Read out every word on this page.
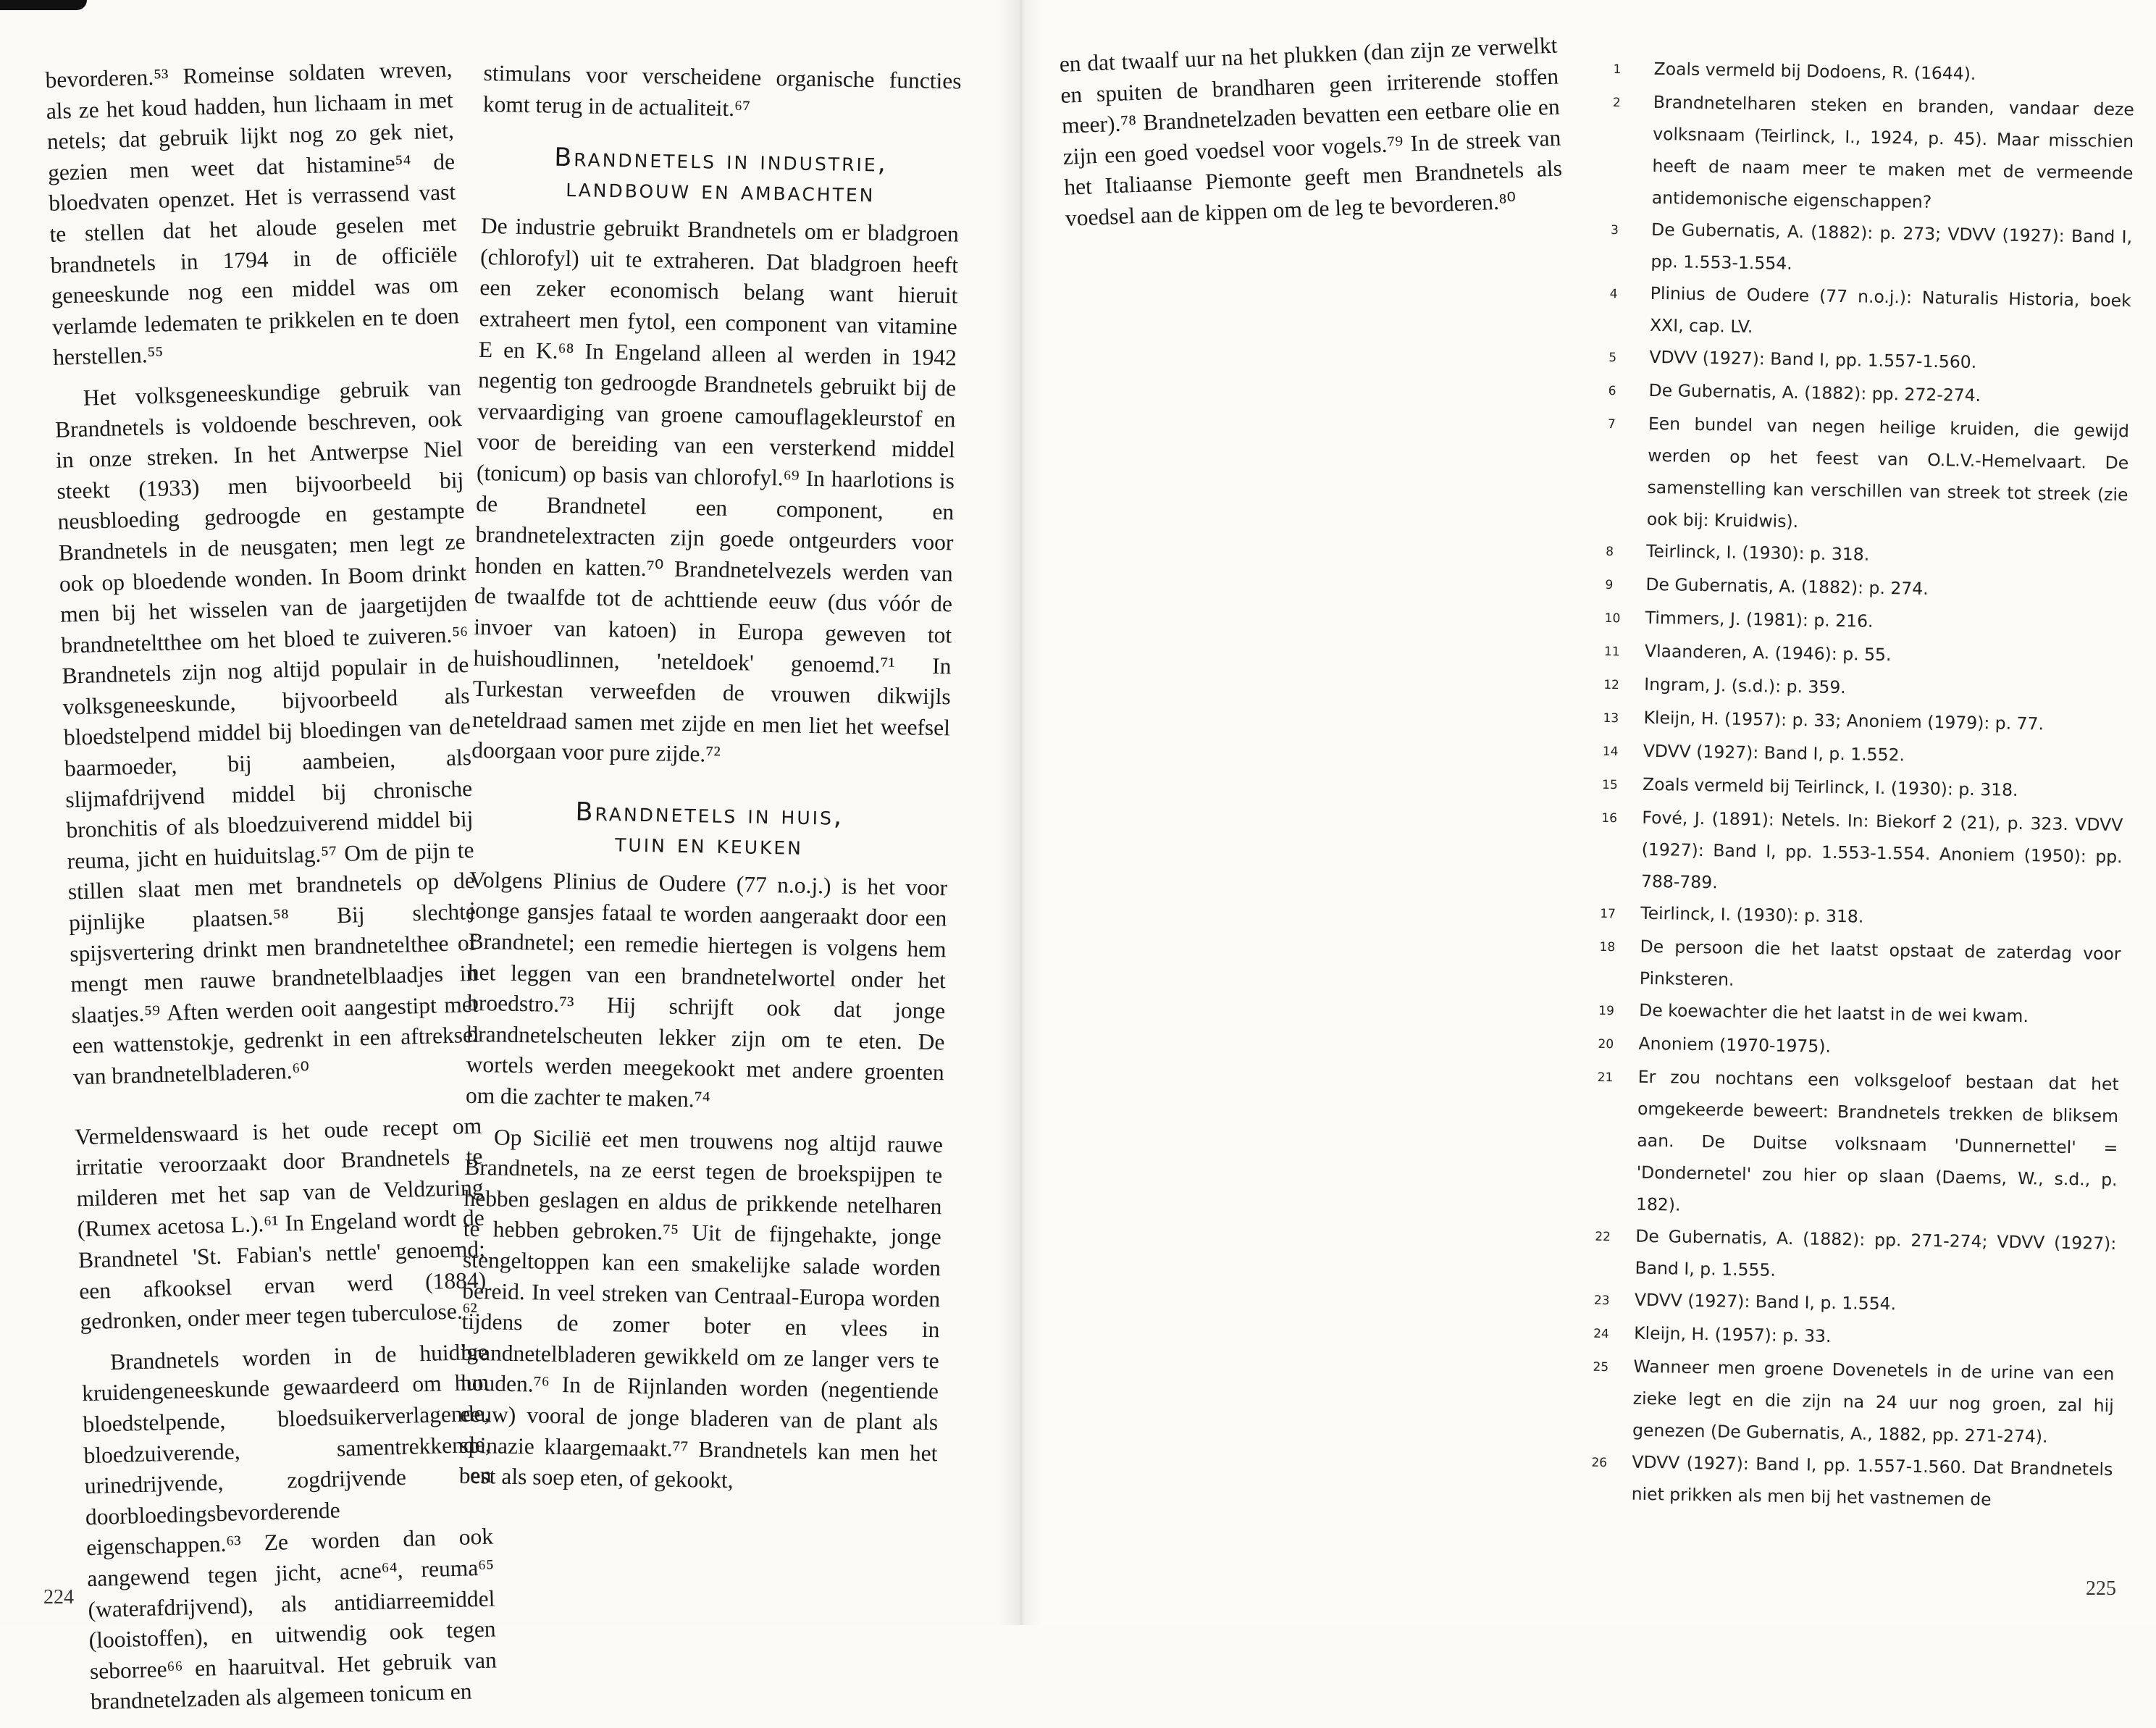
bevorderen.⁵³ Romeinse soldaten wreven, als ze het koud hadden, hun lichaam in met netels; dat gebruik lijkt nog zo gek niet, gezien men weet dat histamine⁵⁴ de bloedvaten openzet. Het is verrassend vast te stellen dat het aloude geselen met brandnetels in 1794 in de officiële geneeskunde nog een middel was om verlamde ledematen te prikkelen en te doen herstellen.⁵⁵

Het volksgeneeskundige gebruik van Brandnetels is voldoende beschreven, ook in onze streken. In het Antwerpse Niel steekt (1933) men bijvoorbeeld bij neusbloeding gedroogde en gestampte Brandnetels in de neusgaten; men legt ze ook op bloedende wonden. In Boom drinkt men bij het wisselen van de jaargetijden brandneteltthee om het bloed te zuiveren.⁵⁶ Brandnetels zijn nog altijd populair in de volksgeneeskunde, bijvoorbeeld als bloedstelpend middel bij bloedingen van de baarmoeder, bij aambeien, als slijmafdrijvend middel bij chronische bronchitis of als bloedzuiverend middel bij reuma, jicht en huiduitslag.⁵⁷ Om de pijn te stillen slaat men met brandnetels op de pijnlijke plaatsen.⁵⁸ Bij slechte spijsvertering drinkt men brandnetelthee of mengt men rauwe brandnetelblaadjes in slaatjes.⁵⁹ Aften werden ooit aangestipt met een wattenstokje, gedrenkt in een aftreksel van brandnetelbladeren.⁶⁰

Vermeldenswaard is het oude recept om irritatie veroorzaakt door Brandnetels te milderen met het sap van de Veldzuring (Rumex acetosa L.).⁶¹ In Engeland wordt de Brandnetel 'St. Fabian's nettle' genoemd; een afkooksel ervan werd (1884) gedronken, onder meer tegen tuberculose.⁶²

Brandnetels worden in de huidige kruidengeneeskunde gewaardeerd om hun bloedstelpende, bloedsuikerverlagende, bloedzuiverende, samentrekkende, urinedrijvende, zogdrijvende en doorbloedingsbevorderende eigenschappen.⁶³ Ze worden dan ook aangewend tegen jicht, acne⁶⁴, reuma⁶⁵ (waterafdrijvend), als antidiarreemiddel (looistoffen), en uitwendig ook tegen seborree⁶⁶ en haaruitval. Het gebruik van brandnetelzaden als algemeen tonicum en

stimulans voor verscheidene organische functies komt terug in de actualiteit.⁶⁷

Brandnetels in industrie,
landbouw en ambachten

De industrie gebruikt Brandnetels om er bladgroen (chlorofyl) uit te extraheren. Dat bladgroen heeft een zeker economisch belang want hieruit extraheert men fytol, een component van vitamine E en K.⁶⁸ In Engeland alleen al werden in 1942 negentig ton gedroogde Brandnetels gebruikt bij de vervaardiging van groene camouflagekleurstof en voor de bereiding van een versterkend middel (tonicum) op basis van chlorofyl.⁶⁹ In haarlotions is de Brandnetel een component, en brandnetelextracten zijn goede ontgeurders voor honden en katten.⁷⁰ Brandnetelvezels werden van de twaalfde tot de achttiende eeuw (dus vóór de invoer van katoen) in Europa geweven tot huishoudlinnen, 'neteldoek' genoemd.⁷¹ In Turkestan verweefden de vrouwen dikwijls neteldraad samen met zijde en men liet het weefsel doorgaan voor pure zijde.⁷²

Brandnetels in huis,
tuin en keuken

Volgens Plinius de Oudere (77 n.o.j.) is het voor jonge gansjes fataal te worden aangeraakt door een Brandnetel; een remedie hiertegen is volgens hem het leggen van een brandnetelwortel onder het broedstro.⁷³ Hij schrijft ook dat jonge brandnetelscheuten lekker zijn om te eten. De wortels werden meegekookt met andere groenten om die zachter te maken.⁷⁴

Op Sicilië eet men trouwens nog altijd rauwe Brandnetels, na ze eerst tegen de broekspijpen te hebben geslagen en aldus de prikkende netelharen te hebben gebroken.⁷⁵ Uit de fijngehakte, jonge stengeltoppen kan een smakelijke salade worden bereid. In veel streken van Centraal-Europa worden tijdens de zomer boter en vlees in brandnetelbladeren gewikkeld om ze langer vers te houden.⁷⁶ In de Rijnlanden worden (negentiende eeuw) vooral de jonge bladeren van de plant als spinazie klaargemaakt.⁷⁷ Brandnetels kan men het best als soep eten, of gekookt,

224

en dat twaalf uur na het plukken (dan zijn ze verwelkt en spuiten de brandharen geen irriterende stoffen meer).⁷⁸ Brandnetelzaden bevatten een eetbare olie en zijn een goed voedsel voor vogels.⁷⁹ In de streek van het Italiaanse Piemonte geeft men Brandnetels als voedsel aan de kippen om de leg te bevorderen.⁸⁰

1	Zoals vermeld bij Dodoens, R. (1644).
2	Brandnetelharen steken en branden, vandaar deze volksnaam (Teirlinck, I., 1924, p. 45). Maar misschien heeft de naam meer te maken met de vermeende antidemonische eigenschappen?
3	De Gubernatis, A. (1882): p. 273; VDVV (1927): Band I, pp. 1.553-1.554.
4	Plinius de Oudere (77 n.o.j.): Naturalis Historia, boek XXI, cap. LV.
5	VDVV (1927): Band I, pp. 1.557-1.560.
6	De Gubernatis, A. (1882): pp. 272-274.
7	Een bundel van negen heilige kruiden, die gewijd werden op het feest van O.L.V.-Hemelvaart. De samenstelling kan verschillen van streek tot streek (zie ook bij: Kruidwis).
8	Teirlinck, I. (1930): p. 318.
9	De Gubernatis, A. (1882): p. 274.
10	Timmers, J. (1981): p. 216.
11	Vlaanderen, A. (1946): p. 55.
12	Ingram, J. (s.d.): p. 359.
13	Kleijn, H. (1957): p. 33; Anoniem (1979): p. 77.
14	VDVV (1927): Band I, p. 1.552.
15	Zoals vermeld bij Teirlinck, I. (1930): p. 318.
16	Fové, J. (1891): Netels. In: Biekorf 2 (21), p. 323. VDVV (1927): Band I, pp. 1.553-1.554. Anoniem (1950): pp. 788-789.
17	Teirlinck, I. (1930): p. 318.
18	De persoon die het laatst opstaat de zaterdag voor Pinksteren.
19	De koewachter die het laatst in de wei kwam.
20	Anoniem (1970-1975).
21	Er zou nochtans een volksgeloof bestaan dat het omgekeerde beweert: Brandnetels trekken de bliksem aan. De Duitse volksnaam 'Dunnernettel' = 'Dondernetel' zou hier op slaan (Daems, W., s.d., p. 182).
22	De Gubernatis, A. (1882): pp. 271-274; VDVV (1927): Band I, p. 1.555.
23	VDVV (1927): Band I, p. 1.554.
24	Kleijn, H. (1957): p. 33.
25	Wanneer men groene Dovenetels in de urine van een zieke legt en die zijn na 24 uur nog groen, zal hij genezen (De Gubernatis, A., 1882, pp. 271-274).
26	VDVV (1927): Band I, pp. 1.557-1.560. Dat Brandnetels niet prikken als men bij het vastnemen de
225
